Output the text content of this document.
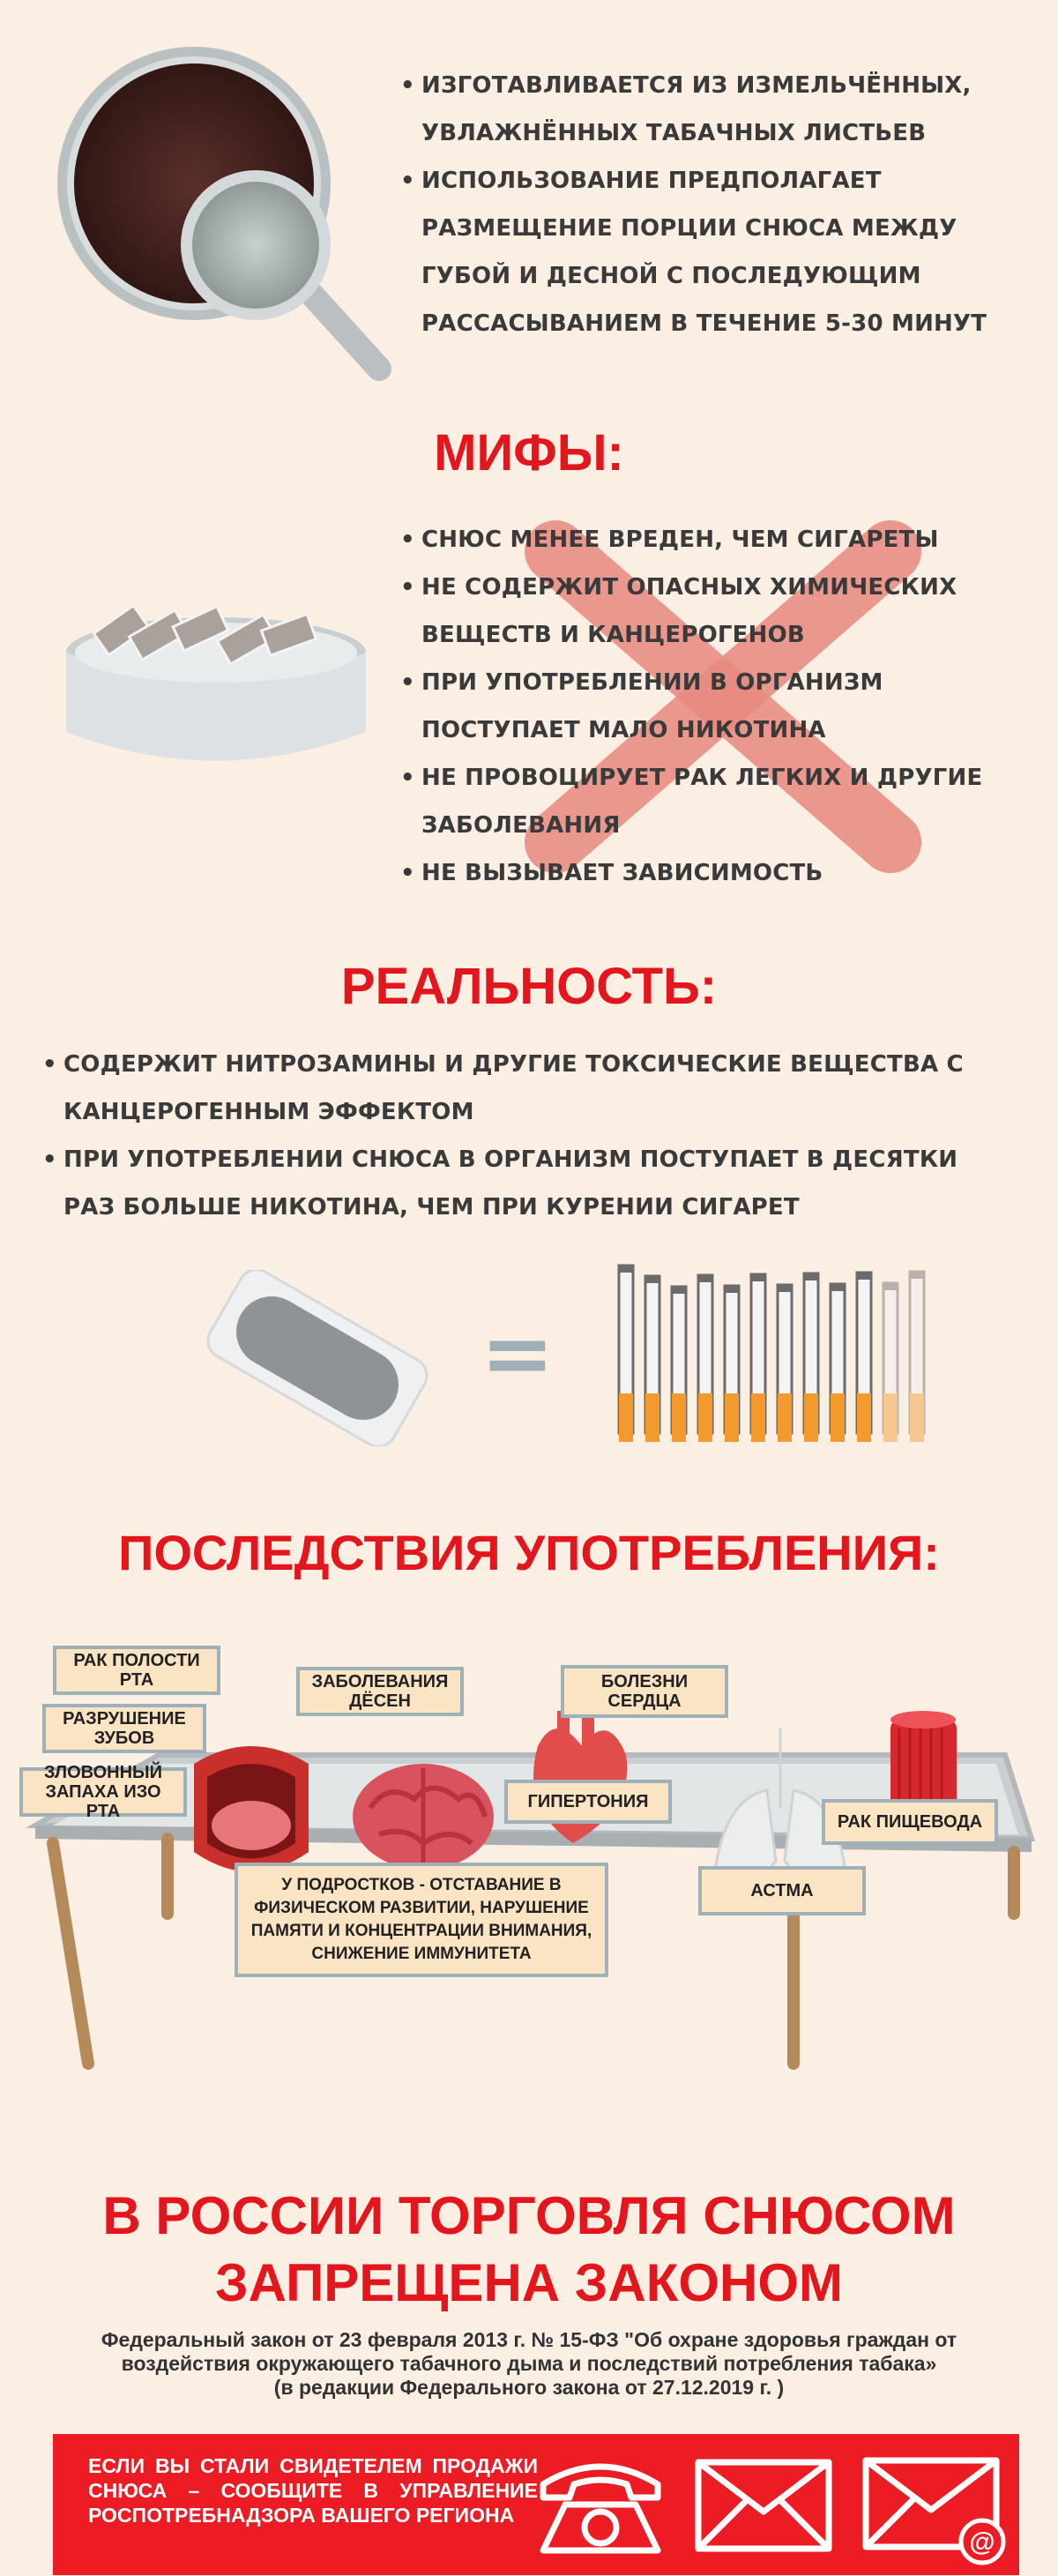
• ИЗГОТАВЛИВАЕТСЯ ИЗ ИЗМЕЛЬЧЁННЫХ, УВЛАЖНЁННЫХ ТАБАЧНЫХ ЛИСТЬЕВ
• ИСПОЛЬЗОВАНИЕ ПРЕДПОЛАГАЕТ РАЗМЕЩЕНИЕ ПОРЦИИ СНЮСА МЕЖДУ ГУБОЙ И ДЕСНОЙ С ПОСЛЕДУЮЩИМ РАССАСЫВАНИЕМ В ТЕЧЕНИЕ 5-30 МИНУТ
МИФЫ:
• СНЮС МЕНЕЕ ВРЕДЕН, ЧЕМ СИГАРЕТЫ
• НЕ СОДЕРЖИТ ОПАСНЫХ ХИМИЧЕСКИХ ВЕЩЕСТВ И КАНЦЕРОГЕНОВ
• ПРИ УПОТРЕБЛЕНИИ В ОРГАНИЗМ ПОСТУПАЕТ МАЛО НИКОТИНА
• НЕ ПРОВОЦИРУЕТ РАК ЛЕГКИХ И ДРУГИЕ ЗАБОЛЕВАНИЯ
• НЕ ВЫЗЫВАЕТ ЗАВИСИМОСТЬ
РЕАЛЬНОСТЬ:
• СОДЕРЖИТ НИТРОЗАМИНЫ И ДРУГИЕ ТОКСИЧЕСКИЕ ВЕЩЕСТВА С КАНЦЕРОГЕННЫМ ЭФФЕКТОМ
• ПРИ УПОТРЕБЛЕНИИ СНЮСА В ОРГАНИЗМ ПОСТУПАЕТ В ДЕСЯТКИ РАЗ БОЛЬШЕ НИКОТИНА, ЧЕМ ПРИ КУРЕНИИ СИГАРЕТ
=
ПОСЛЕДСТВИЯ УПОТРЕБЛЕНИЯ:
РАК ПОЛОСТИ РТА
РАЗРУШЕНИЕ ЗУБОВ
ЗЛОВОННЫЙ ЗАПАХА ИЗО РТА
ЗАБОЛЕВАНИЯ ДЁСЕН
БОЛЕЗНИ СЕРДЦА
ГИПЕРТОНИЯ
У ПОДРОСТКОВ - ОТСТАВАНИЕ В ФИЗИЧЕСКОМ РАЗВИТИИ, НАРУШЕНИЕ ПАМЯТИ И КОНЦЕНТРАЦИИ ВНИМАНИЯ, СНИЖЕНИЕ ИММУНИТЕТА
АСТМА
РАК ПИЩЕВОДА
В РОССИИ ТОРГОВЛЯ СНЮСОМ
ЗАПРЕЩЕНА ЗАКОНОМ
Федеральный закон от 23 февраля 2013 г. № 15-ФЗ "Об охране здоровья граждан от
воздействия окружающего табачного дыма и последствий потребления табака»
(в редакции Федерального закона от 27.12.2019 г. )
ЕСЛИ ВЫ СТАЛИ СВИДЕТЕЛЕМ ПРОДАЖИ СНЮСА – СООБЩИТЕ В УПРАВЛЕНИЕ РОСПОТРЕБНАДЗОРА ВАШЕГО РЕГИОНА
@
